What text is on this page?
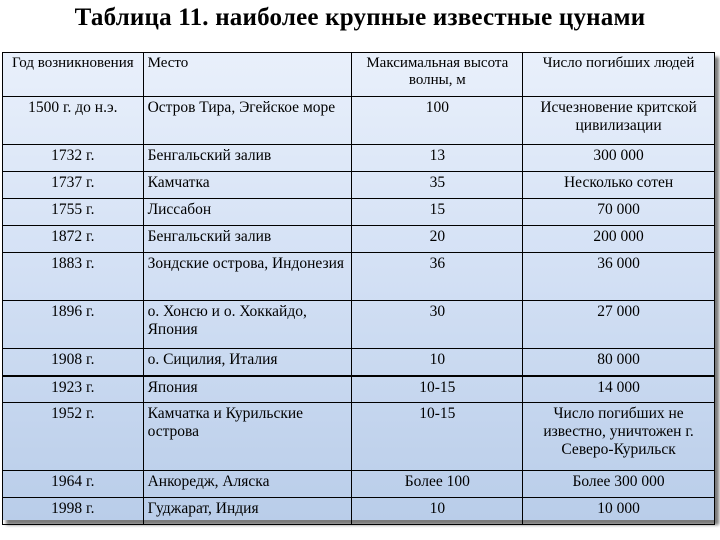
Таблица 11. наиболее крупные известные цунами
Год возникновения	Место	Максимальная высота волны, м	Число погибших людей
1500 г. до н.э.	Остров Тира, Эгейское море	100	Исчезновение критской цивилизации
1732 г.	Бенгальский залив	13	300 000
1737 г.	Камчатка	35	Несколько сотен
1755 г.	Лиссабон	15	70 000
1872 г.	Бенгальский залив	20	200 000
1883 г.	Зондские острова, Индонезия	36	36 000
1896 г.	о. Хонсю и о. Хоккайдо, Япония	30	27 000
1908 г.	о. Сицилия, Италия	10	80 000
1923 г.	Япония	10-15	14 000
1952 г.	Камчатка и Курильские острова	10-15	Число погибших не известно, уничтожен г. Северо-Курильск
1964 г.	Анкоредж, Аляска	Более 100	Более 300 000
1998 г.	Гуджарат, Индия	10	10 000
